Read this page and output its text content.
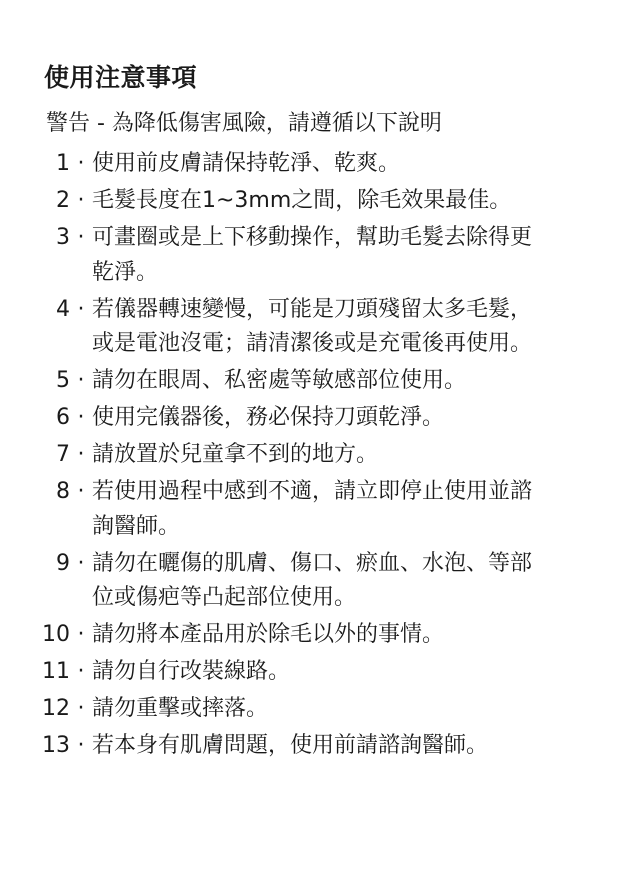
使用注意事項
警告 - 為降低傷害風險，請遵循以下說明
1 · 使用前皮膚請保持乾淨、乾爽。
2 · 毛髮長度在1~3mm之間，除毛效果最佳。
3 · 可畫圈或是上下移動操作，幫助毛髮去除得更乾淨。
4 · 若儀器轉速變慢，可能是刀頭殘留太多毛髮，或是電池沒電；請清潔後或是充電後再使用。
5 · 請勿在眼周、私密處等敏感部位使用。
6 · 使用完儀器後，務必保持刀頭乾淨。
7 · 請放置於兒童拿不到的地方。
8 · 若使用過程中感到不適，請立即停止使用並諮詢醫師。
9 · 請勿在曬傷的肌膚、傷口、瘀血、水泡、等部位或傷疤等凸起部位使用。
10 · 請勿將本產品用於除毛以外的事情。
11 · 請勿自行改裝線路。
12 · 請勿重擊或摔落。
13 · 若本身有肌膚問題，使用前請諮詢醫師。
